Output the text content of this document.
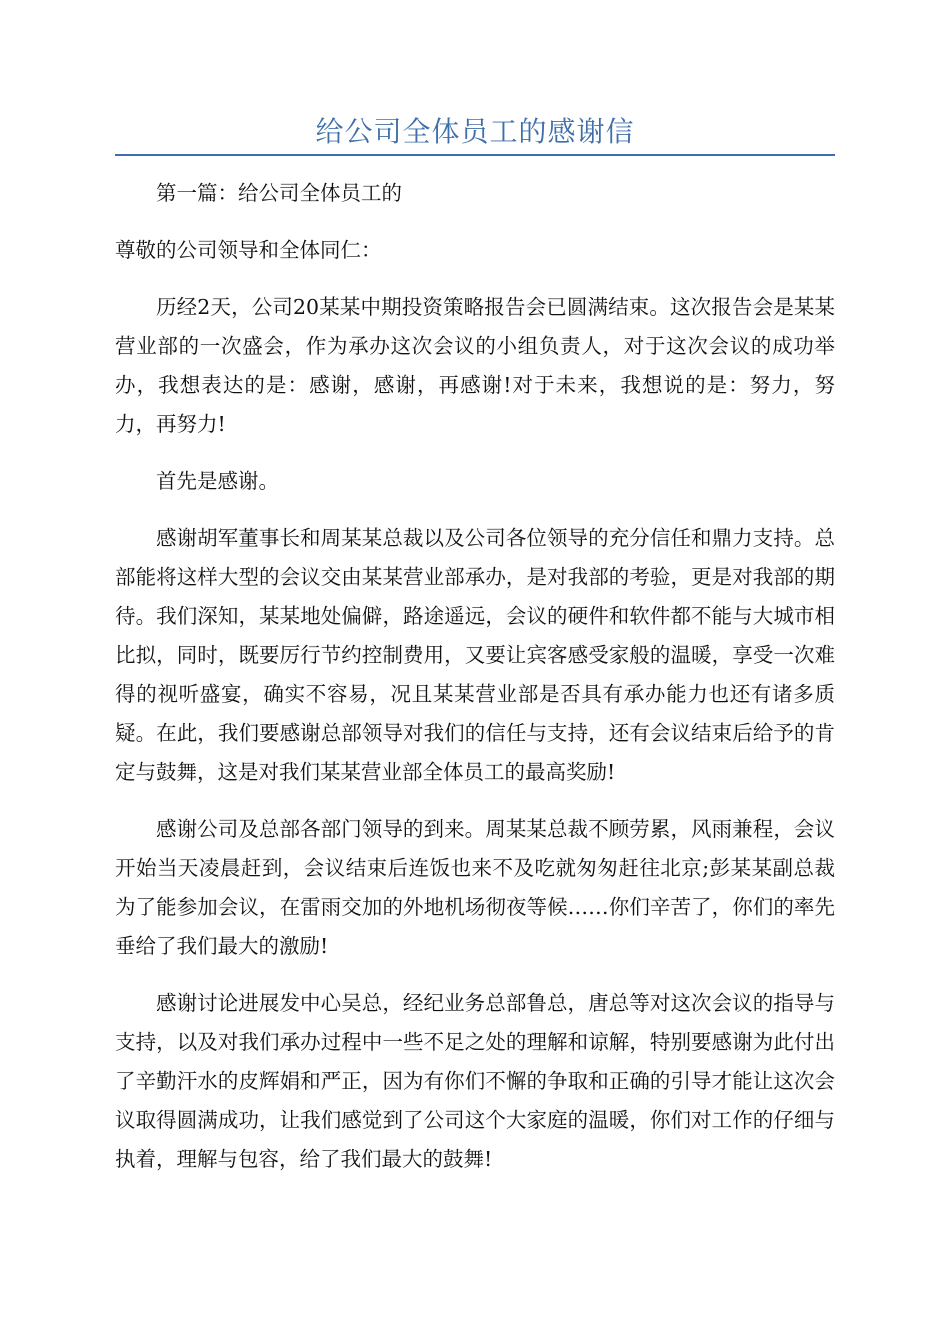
给公司全体员工的感谢信

第一篇：给公司全体员工的

尊敬的公司领导和全体同仁：

历经2天，公司20某某中期投资策略报告会已圆满结束。这次报告会是某某营业部的一次盛会，作为承办这次会议的小组负责人，对于这次会议的成功举办，我想表达的是：感谢，感谢，再感谢!对于未来，我想说的是：努力，努力，再努力!

首先是感谢。

感谢胡军董事长和周某某总裁以及公司各位领导的充分信任和鼎力支持。总部能将这样大型的会议交由某某营业部承办，是对我部的考验，更是对我部的期待。我们深知，某某地处偏僻，路途遥远，会议的硬件和软件都不能与大城市相比拟，同时，既要厉行节约控制费用，又要让宾客感受家般的温暖，享受一次难得的视听盛宴，确实不容易，况且某某营业部是否具有承办能力也还有诸多质疑。在此，我们要感谢总部领导对我们的信任与支持，还有会议结束后给予的肯定与鼓舞，这是对我们某某营业部全体员工的最高奖励!

感谢公司及总部各部门领导的到来。周某某总裁不顾劳累，风雨兼程，会议开始当天凌晨赶到，会议结束后连饭也来不及吃就匆匆赶往北京;彭某某副总裁为了能参加会议，在雷雨交加的外地机场彻夜等候……你们辛苦了，你们的率先垂给了我们最大的激励!

感谢讨论进展发中心吴总，经纪业务总部鲁总，唐总等对这次会议的指导与支持，以及对我们承办过程中一些不足之处的理解和谅解，特别要感谢为此付出了辛勤汗水的皮辉娟和严正，因为有你们不懈的争取和正确的引导才能让这次会议取得圆满成功，让我们感觉到了公司这个大家庭的温暖，你们对工作的仔细与执着，理解与包容，给了我们最大的鼓舞!
